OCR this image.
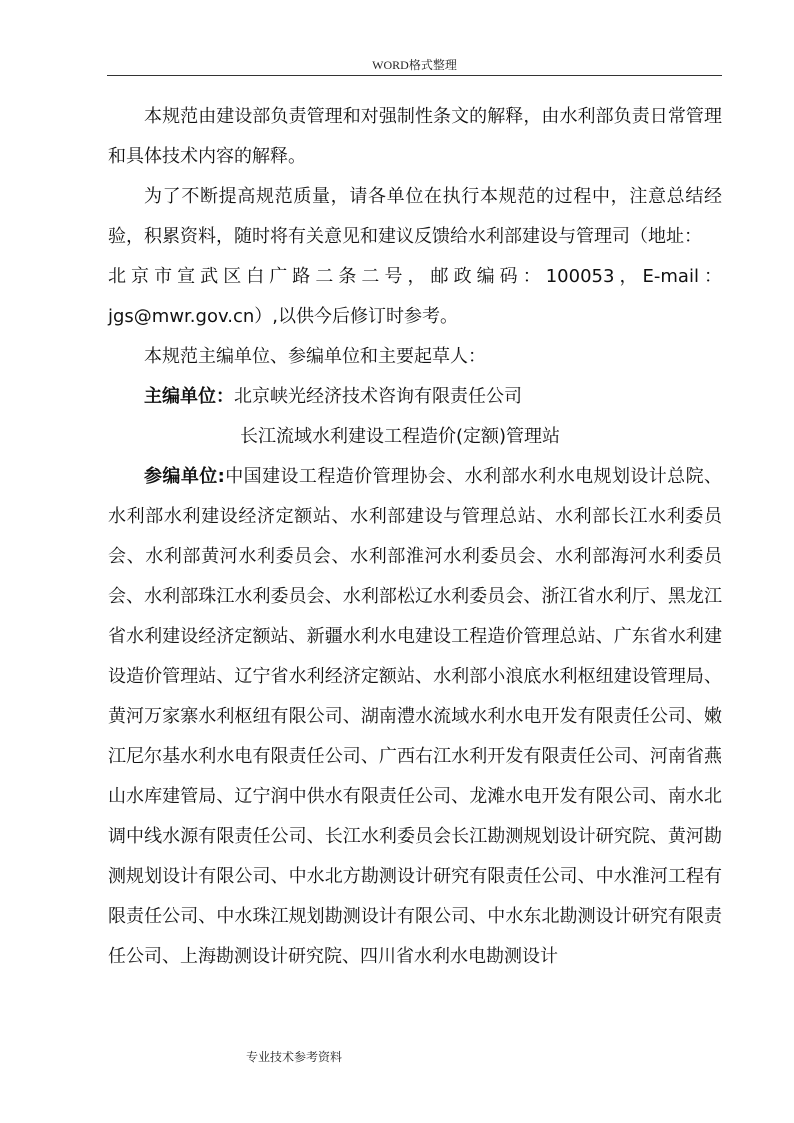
WORD格式整理

本规范由建设部负责管理和对强制性条文的解释，由水利部负责日常管理和具体技术内容的解释。

为了不断提高规范质量，请各单位在执行本规范的过程中，注意总结经验，积累资料，随时将有关意见和建议反馈给水利部建设与管理司（地址：

北京市宣武区白广路二条二号，邮政编码：100053，E-mail：

jgs@mwr.gov.cn）,以供今后修订时参考。

本规范主编单位、参编单位和主要起草人：

主编单位：北京峡光经济技术咨询有限责任公司

长江流域水利建设工程造价(定额)管理站

参编单位:中国建设工程造价管理协会、水利部水利水电规划设计总院、水利部水利建设经济定额站、水利部建设与管理总站、水利部长江水利委员会、水利部黄河水利委员会、水利部淮河水利委员会、水利部海河水利委员会、水利部珠江水利委员会、水利部松辽水利委员会、浙江省水利厅、黑龙江省水利建设经济定额站、新疆水利水电建设工程造价管理总站、广东省水利建设造价管理站、辽宁省水利经济定额站、水利部小浪底水利枢纽建设管理局、黄河万家寨水利枢纽有限公司、湖南澧水流域水利水电开发有限责任公司、嫩江尼尔基水利水电有限责任公司、广西右江水利开发有限责任公司、河南省燕山水库建管局、辽宁润中供水有限责任公司、龙滩水电开发有限公司、南水北调中线水源有限责任公司、长江水利委员会长江勘测规划设计研究院、黄河勘测规划设计有限公司、中水北方勘测设计研究有限责任公司、中水淮河工程有限责任公司、中水珠江规划勘测设计有限公司、中水东北勘测设计研究有限责任公司、上海勘测设计研究院、四川省水利水电勘测设计

专业技术参考资料
